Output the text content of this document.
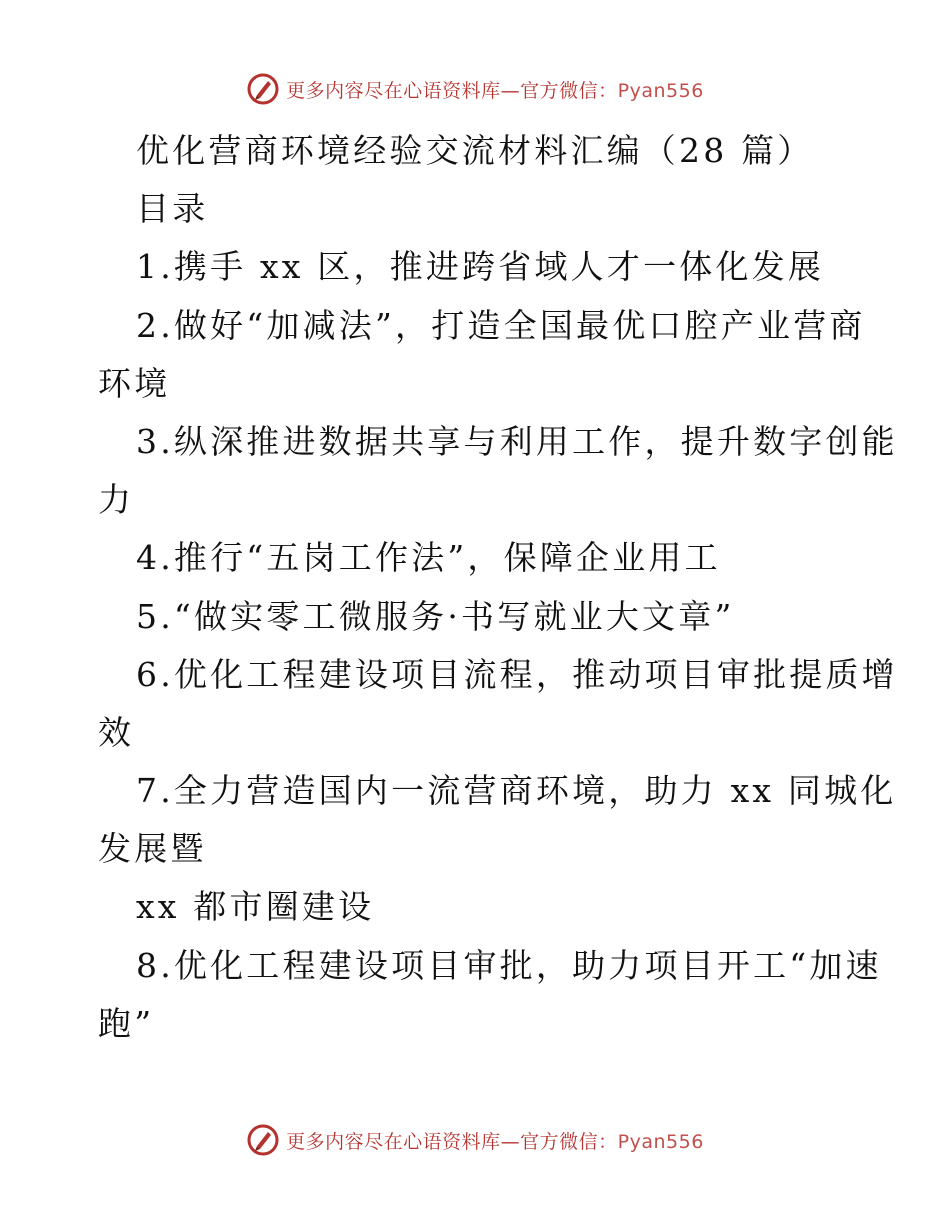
更多内容尽在心语资料库—官方微信：Pyan556
优化营商环境经验交流材料汇编（28 篇）
目录
1.携手 xx 区，推进跨省域人才一体化发展
2.做好“加减法”，打造全国最优口腔产业营商
环境
3.纵深推进数据共享与利用工作，提升数字创能
力
4.推行“五岗工作法”，保障企业用工
5.“做实零工微服务·书写就业大文章”
6.优化工程建设项目流程，推动项目审批提质增
效
7.全力营造国内一流营商环境，助力 xx 同城化
发展暨
xx 都市圈建设
8.优化工程建设项目审批，助力项目开工“加速
跑”
更多内容尽在心语资料库—官方微信：Pyan556
